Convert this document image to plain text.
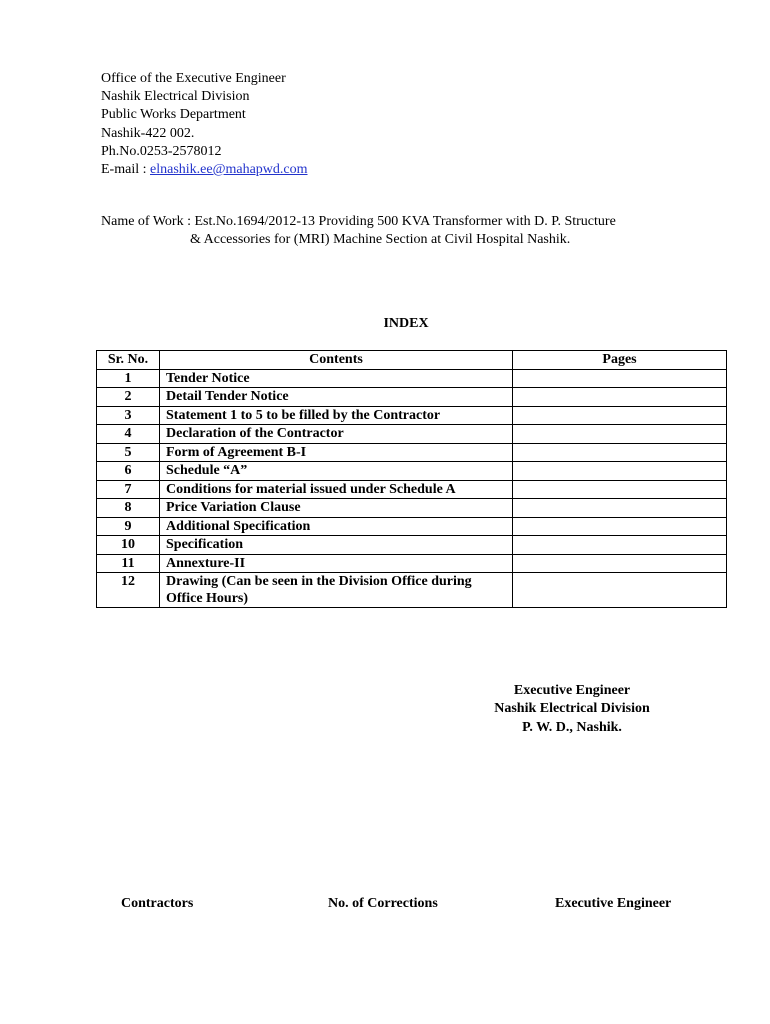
Office of the Executive Engineer
Nashik Electrical Division
Public Works Department
Nashik-422 002.
Ph.No.0253-2578012
E-mail : elnashik.ee@mahapwd.com
Name of Work : Est.No.1694/2012-13 Providing 500 KVA Transformer with D. P. Structure
& Accessories for (MRI) Machine Section at Civil Hospital Nashik.
INDEX
Sr. No.	Contents	Pages
1	Tender Notice	
2	Detail Tender Notice	
3	Statement 1 to 5 to be filled by the Contractor	
4	Declaration of the Contractor	
5	Form of Agreement B-I	
6	Schedule “A”	
7	Conditions for material issued under Schedule A	
8	Price Variation Clause	
9	Additional Specification	
10	Specification	
11	Annexture-II	
12	Drawing (Can be seen in the Division Office during
Office Hours)	

Executive Engineer
Nashik Electrical Division
P. W. D., Nashik.
Contractors	No. of Corrections	Executive Engineer
